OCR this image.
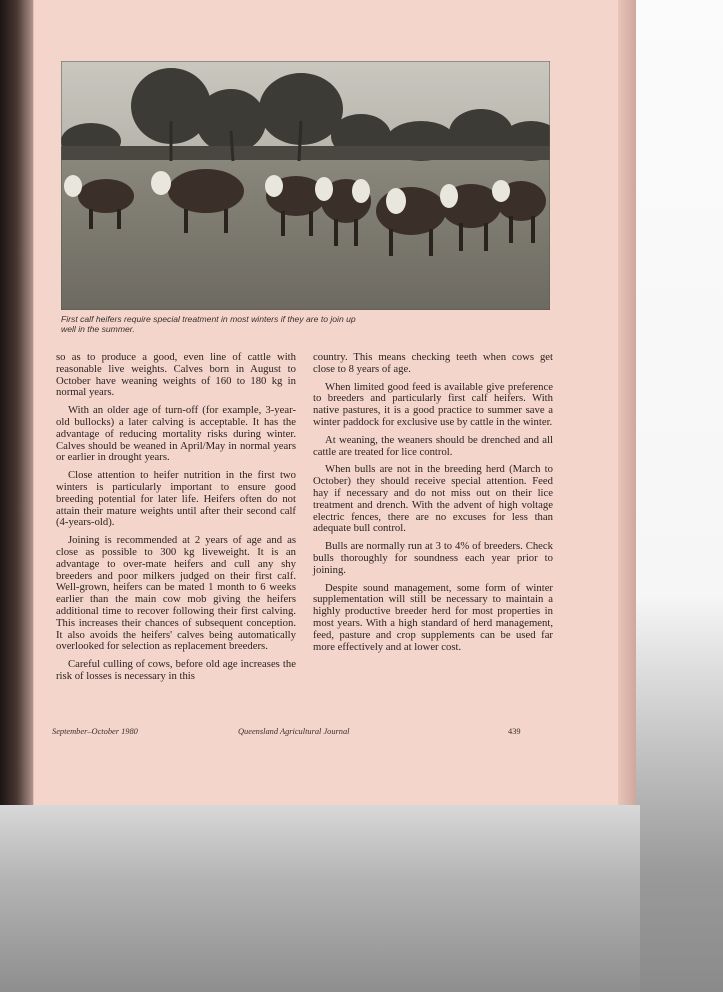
First calf heifers require special treatment in most winters if they are to join up well in the summer.

so as to produce a good, even line of cattle with reasonable live weights. Calves born in August to October have weaning weights of 160 to 180 kg in normal years.

With an older age of turn-off (for example, 3-year-old bullocks) a later calving is acceptable. It has the advantage of reducing mortality risks during winter. Calves should be weaned in April/May in normal years or earlier in drought years.

Close attention to heifer nutrition in the first two winters is particularly important to ensure good breeding potential for later life. Heifers often do not attain their mature weights until after their second calf (4-years-old).

Joining is recommended at 2 years of age and as close as possible to 300 kg liveweight. It is an advantage to over-mate heifers and cull any shy breeders and poor milkers judged on their first calf. Well-grown, heifers can be mated 1 month to 6 weeks earlier than the main cow mob giving the heifers additional time to recover following their first calving. This increases their chances of subsequent conception. It also avoids the heifers' calves being automatically overlooked for selection as replacement breeders.

Careful culling of cows, before old age increases the risk of losses is necessary in this

country. This means checking teeth when cows get close to 8 years of age.

When limited good feed is available give preference to breeders and particularly first calf heifers. With native pastures, it is a good practice to summer save a winter paddock for exclusive use by cattle in the winter.

At weaning, the weaners should be drenched and all cattle are treated for lice control.

When bulls are not in the breeding herd (March to October) they should receive special attention. Feed hay if necessary and do not miss out on their lice treatment and drench. With the advent of high voltage electric fences, there are no excuses for less than adequate bull control.

Bulls are normally run at 3 to 4% of breeders. Check bulls thoroughly for soundness each year prior to joining.

Despite sound management, some form of winter supplementation will still be necessary to maintain a highly productive breeder herd for most properties in most years. With a high standard of herd management, feed, pasture and crop supplements can be used far more effectively and at lower cost.

September–October 1980	Queensland Agricultural Journal	439
